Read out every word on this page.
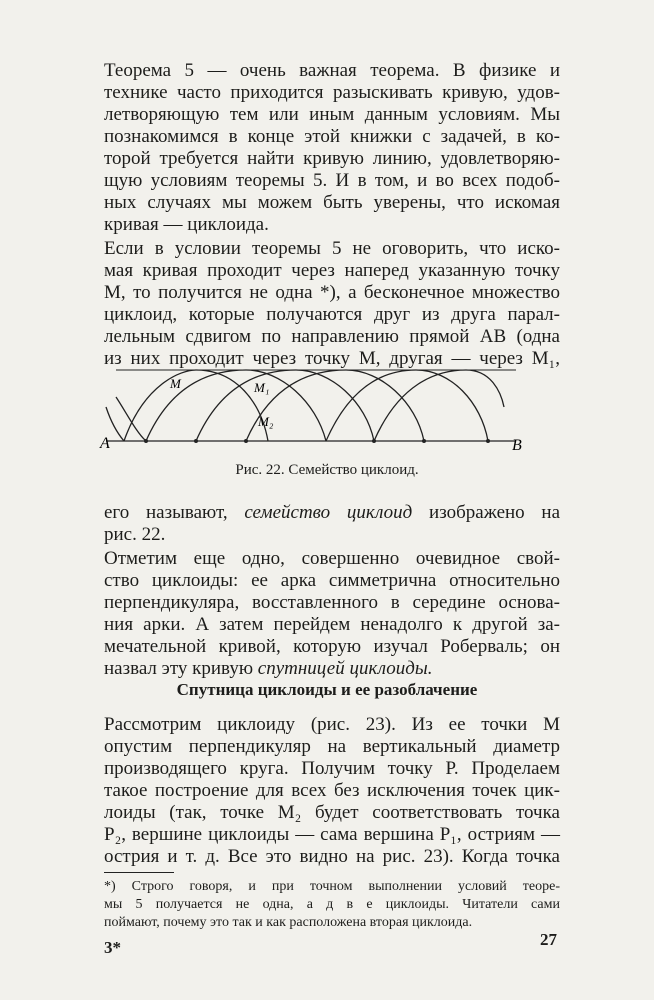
Теорема 5 — очень важная теорема. В физике и
технике часто приходится разыскивать кривую, удов-
летворяющую тем или иным данным условиям. Мы
познакомимся в конце этой книжки с задачей, в ко-
торой требуется найти кривую линию, удовлетворяю-
щую условиям теоремы 5. И в том, и во всех подоб-
ных случаях мы можем быть уверены, что искомая
кривая — циклоида.
Если в условии теоремы 5 не оговорить, что иско-
мая кривая проходит через наперед указанную точку
M, то получится не одна *), а бесконечное множество
циклоид, которые получаются друг из друга парал-
лельным сдвигом по направлению прямой AB (одна
из них проходит через точку M, другая — через M₁,
A	B
M	M₁
M₂
Рис. 22. Семейство циклоид.
его называют, семейство циклоид изображено на
рис. 22.
Отметим еще одно, совершенно очевидное свой-
ство циклоиды: ее арка симметрична относительно
перпендикуляра, восставленного в середине основа-
ния арки. А затем перейдем ненадолго к другой за-
мечательной кривой, которую изучал Роберваль; он
назвал эту кривую спутницей циклоиды.
Спутница циклоиды и ее разоблачение
Рассмотрим циклоиду (рис. 23). Из ее точки M
опустим перпендикуляр на вертикальный диаметр
производящего круга. Получим точку P. Проделаем
такое построение для всех без исключения точек цик-
лоиды (так, точке M₂ будет соответствовать точка
P₂, вершине циклоиды — сама вершина P₁, остриям —
острия и т. д. Все это видно на рис. 23). Когда точка
*) Строго говоря, и при точном выполнении условий теоре-
мы 5 получается не одна, а д в е циклоиды. Читатели сами
поймают, почему это так и как расположена вторая циклоида.
3*	27
